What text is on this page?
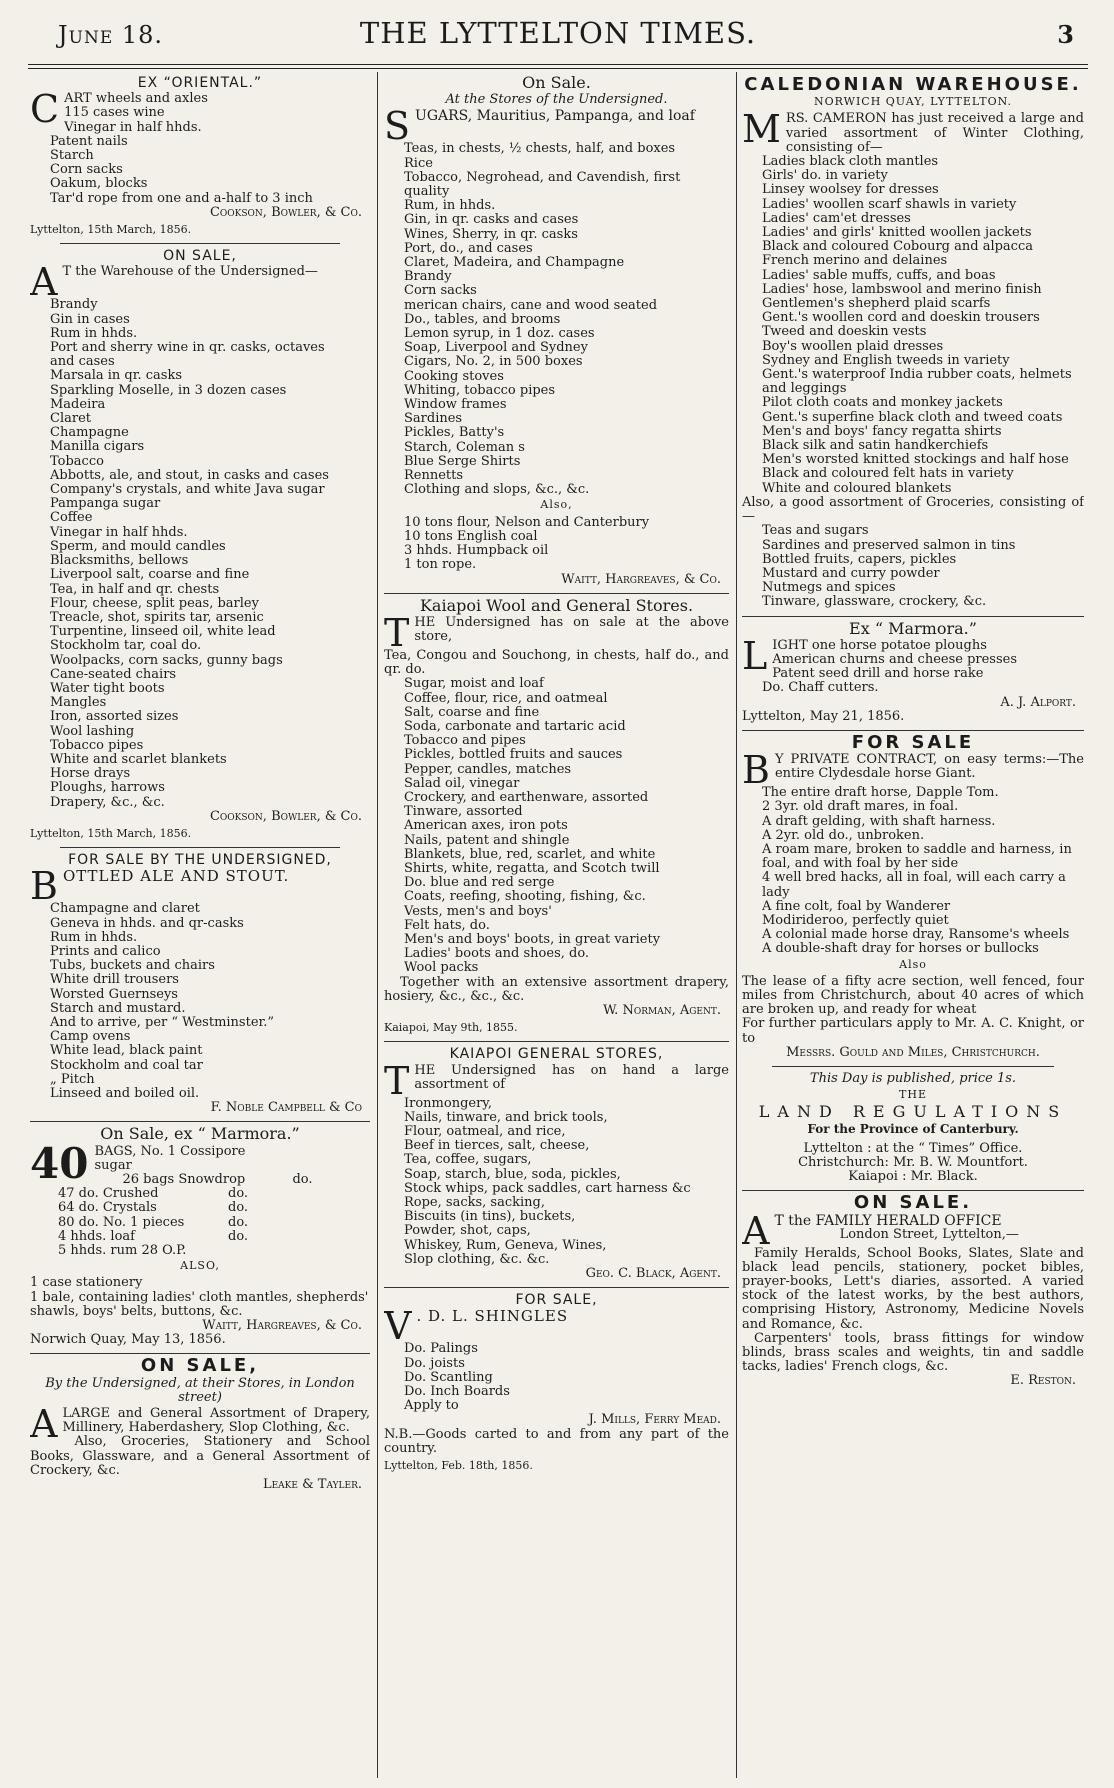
June 18.	THE LYTTELTON TIMES.	3
EX “ORIENTAL.”
C ART wheels and axles
115 cases wine
Vinegar in half hhds.
Patent nails
Starch
Corn sacks
Oakum, blocks
Tar'd rope from one and a-half to 3 inch
Cookson, Bowler, & Co.
Lyttelton, 15th March, 1856.
ON SALE,
A T the Warehouse of the Undersigned—

Brandy
Gin in cases
Rum in hhds.
Port and sherry wine in qr. casks, octaves
and cases
Marsala in qr. casks
Sparkling Moselle, in 3 dozen cases
Madeira
Claret
Champagne
Manilla cigars
Tobacco
Abbotts, ale, and stout, in casks and cases
Company's crystals, and white Java sugar
Pampanga sugar
Coffee
Vinegar in half hhds.
Sperm, and mould candles
Blacksmiths, bellows
Liverpool salt, coarse and fine
Tea, in half and qr. chests
Flour, cheese, split peas, barley
Treacle, shot, spirits tar, arsenic
Turpentine, linseed oil, white lead
Stockholm tar, coal do.
Woolpacks, corn sacks, gunny bags
Cane-seated chairs
Water tight boots
Mangles
Iron, assorted sizes
Wool lashing
Tobacco pipes
White and scarlet blankets
Horse drays
Ploughs, harrows
Drapery, &c., &c.
Cookson, Bowler, & Co.
Lyttelton, 15th March, 1856.
FOR SALE BY THE UNDERSIGNED,
B OTTLED ALE AND STOUT.

Champagne and claret
Geneva in hhds. and qr-casks
Rum in hhds.
Prints and calico
Tubs, buckets and chairs
White drill trousers
Worsted Guernseys
Starch and mustard.
And to arrive, per “ Westminster.”
Camp ovens
White lead, black paint
Stockholm and coal tar
„ Pitch
Linseed and boiled oil.
F. Noble Campbell & Co
On Sale, ex “ Marmora.”
40 BAGS, No. 1 Cossipore sugar
26 bags Snowdrop	do.
47 do. Crushed	do.
64 do. Crystals	do.
80 do. No. 1 pieces	do.
4 hhds. loaf	do.
5 hhds. rum 28 O.P.
ALSO,
1 case stationery
1 bale, containing ladies' cloth mantles, shepherds' shawls, boys' belts, buttons, &c.
Waitt, Hargreaves, & Co.
Norwich Quay, May 13, 1856.
ON SALE,
By the Undersigned, at their Stores, in London street)
A LARGE and General Assortment of Drapery, Millinery, Haberdashery, Slop Clothing, &c.

Also, Groceries, Stationery and School Books, Glassware, and a General Assortment of Crockery, &c.

Leake & Tayler.
On Sale.
At the Stores of the Undersigned.
S UGARS, Mauritius, Pampanga, and loaf

Teas, in chests, ½ chests, half, and boxes
Rice
Tobacco, Negrohead, and Cavendish, first quality
Rum, in hhds.
Gin, in qr. casks and cases
Wines, Sherry, in qr. casks
Port, do., and cases
Claret, Madeira, and Champagne
Brandy
Corn sacks
merican chairs, cane and wood seated
Do., tables, and brooms
Lemon syrup, in 1 doz. cases
Soap, Liverpool and Sydney
Cigars, No. 2, in 500 boxes
Cooking stoves
Whiting, tobacco pipes
Window frames
Sardines
Pickles, Batty's
Starch, Coleman s
Blue Serge Shirts
Rennetts
Clothing and slops, &c., &c.
Also,
10 tons flour, Nelson and Canterbury
10 tons English coal
3 hhds. Humpback oil
1 ton rope.
Waitt, Hargreaves, & Co.
Kaiapoi Wool and General Stores.
T HE Undersigned has on sale at the above store,

Tea, Congou and Souchong, in chests, half do., and qr. do.

Sugar, moist and loaf
Coffee, flour, rice, and oatmeal
Salt, coarse and fine
Soda, carbonate and tartaric acid
Tobacco and pipes
Pickles, bottled fruits and sauces
Pepper, candles, matches
Salad oil, vinegar
Crockery, and earthenware, assorted
Tinware, assorted
American axes, iron pots
Nails, patent and shingle
Blankets, blue, red, scarlet, and white
Shirts, white, regatta, and Scotch twill
Do. blue and red serge
Coats, reefing, shooting, fishing, &c.
Vests, men's and boys'
Felt hats, do.
Men's and boys' boots, in great variety
Ladies' boots and shoes, do.
Wool packs

Together with an extensive assortment drapery, hosiery, &c., &c., &c.

W. Norman, Agent.
Kaiapoi, May 9th, 1855.
KAIAPOI GENERAL STORES,
T HE Undersigned has on hand a large assortment of

Ironmongery,
Nails, tinware, and brick tools,
Flour, oatmeal, and rice,
Beef in tierces, salt, cheese,
Tea, coffee, sugars,
Soap, starch, blue, soda, pickles,
Stock whips, pack saddles, cart harness &c
Rope, sacks, sacking,
Biscuits (in tins), buckets,
Powder, shot, caps,
Whiskey, Rum, Geneva, Wines,
Slop clothing, &c. &c.
Geo. C. Black, Agent.
FOR SALE,
V . D. L. SHINGLES

Do. Palings
Do. joists
Do. Scantling
Do. Inch Boards
Apply to
J. Mills, Ferry Mead.

N.B.—Goods carted to and from any part of the country.

Lyttelton, Feb. 18th, 1856.
CALEDONIAN WAREHOUSE.
NORWICH QUAY, LYTTELTON.
M RS. CAMERON has just received a large and varied assortment of Winter Clothing, consisting of—

Ladies black cloth mantles
Girls' do. in variety
Linsey woolsey for dresses
Ladies' woollen scarf shawls in variety
Ladies' cam'et dresses
Ladies' and girls' knitted woollen jackets
Black and coloured Cobourg and alpacca
French merino and delaines
Ladies' sable muffs, cuffs, and boas
Ladies' hose, lambswool and merino finish
Gentlemen's shepherd plaid scarfs
Gent.'s woollen cord and doeskin trousers
Tweed and doeskin vests
Boy's woollen plaid dresses
Sydney and English tweeds in variety
Gent.'s waterproof India rubber coats, helmets and leggings
Pilot cloth coats and monkey jackets
Gent.'s superfine black cloth and tweed coats
Men's and boys' fancy regatta shirts
Black silk and satin handkerchiefs
Men's worsted knitted stockings and half hose
Black and coloured felt hats in variety
White and coloured blankets

Also, a good assortment of Groceries, consisting of—

Teas and sugars
Sardines and preserved salmon in tins
Bottled fruits, capers, pickles
Mustard and curry powder
Nutmegs and spices
Tinware, glassware, crockery, &c.
Ex “ Marmora.”
L IGHT one horse potatoe ploughs

American churns and cheese presses
Patent seed drill and horse rake
Do. Chaff cutters.
A. J. Alport.
Lyttelton, May 21, 1856.
FOR SALE
B Y PRIVATE CONTRACT, on easy terms:—The entire Clydesdale horse Giant.

The entire draft horse, Dapple Tom.
2 3yr. old draft mares, in foal.
A draft gelding, with shaft harness.
A 2yr. old do., unbroken.
A roam mare, broken to saddle and harness, in foal, and with foal by her side
4 well bred hacks, all in foal, will each carry a lady
A fine colt, foal by Wanderer
Modirideroo, perfectly quiet
A colonial made horse dray, Ransome's wheels
A double-shaft dray for horses or bullocks
Also

The lease of a fifty acre section, well fenced, four miles from Christchurch, about 40 acres of which are broken up, and ready for wheat

For further particulars apply to Mr. A. C. Knight, or to

Messrs. Gould and Miles, Christchurch.
This Day is published, price 1s.
THE
LAND REGULATIONS
For the Province of Canterbury.
Lyttelton : at the “ Times” Office.
Christchurch: Mr. B. W. Mountfort.
Kaiapoi : Mr. Black.
ON SALE.
A T the FAMILY HERALD OFFICE

London Street, Lyttelton,—

Family Heralds, School Books, Slates, Slate and black lead pencils, stationery, pocket bibles, prayer-books, Lett's diaries, assorted. A varied stock of the latest works, by the best authors, comprising History, Astronomy, Medicine Novels and Romance, &c.

Carpenters' tools, brass fittings for window blinds, brass scales and weights, tin and saddle tacks, ladies' French clogs, &c.

E. Reston.
